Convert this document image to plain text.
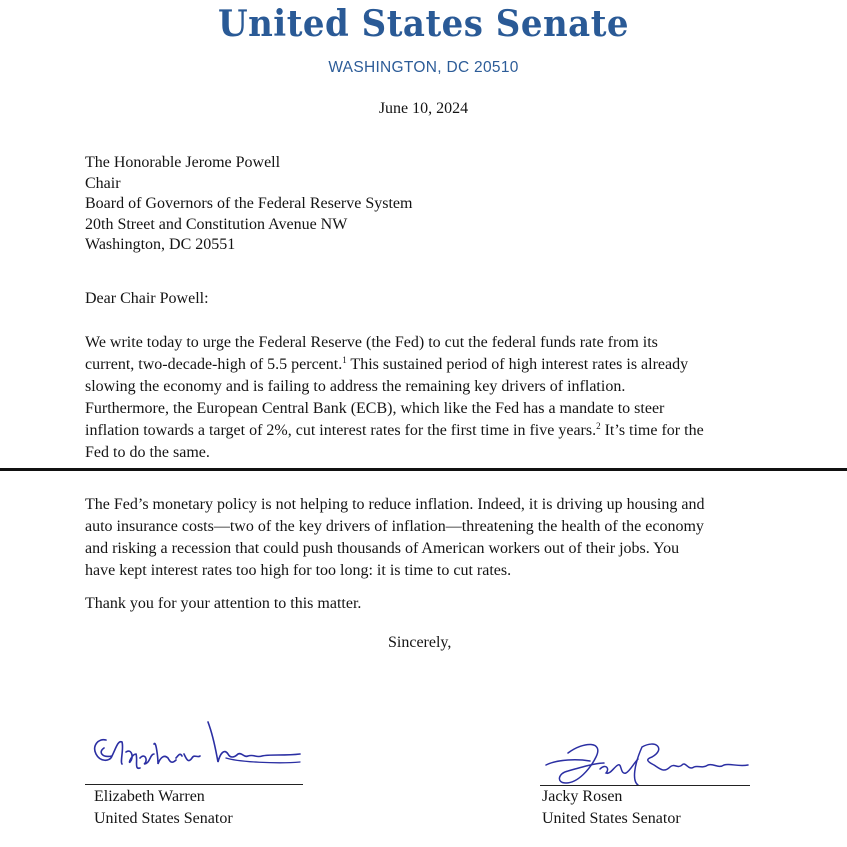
United States Senate
WASHINGTON, DC 20510
June 10, 2024
The Honorable Jerome Powell
Chair
Board of Governors of the Federal Reserve System
20th Street and Constitution Avenue NW
Washington, DC 20551
Dear Chair Powell:
We write today to urge the Federal Reserve (the Fed) to cut the federal funds rate from its
current, two-decade-high of 5.5 percent.$^1$ This sustained period of high interest rates is already
slowing the economy and is failing to address the remaining key drivers of inflation.
Furthermore, the European Central Bank (ECB), which like the Fed has a mandate to steer
inflation towards a target of 2%, cut interest rates for the first time in five years.$^2$ It’s time for the
Fed to do the same.
The Fed’s monetary policy is not helping to reduce inflation. Indeed, it is driving up housing and
auto insurance costs—two of the key drivers of inflation—threatening the health of the economy
and risking a recession that could push thousands of American workers out of their jobs. You
have kept interest rates too high for too long: it is time to cut rates.
Thank you for your attention to this matter.
Sincerely,
Elizabeth Warren
United States Senator
Jacky Rosen
United States Senator
